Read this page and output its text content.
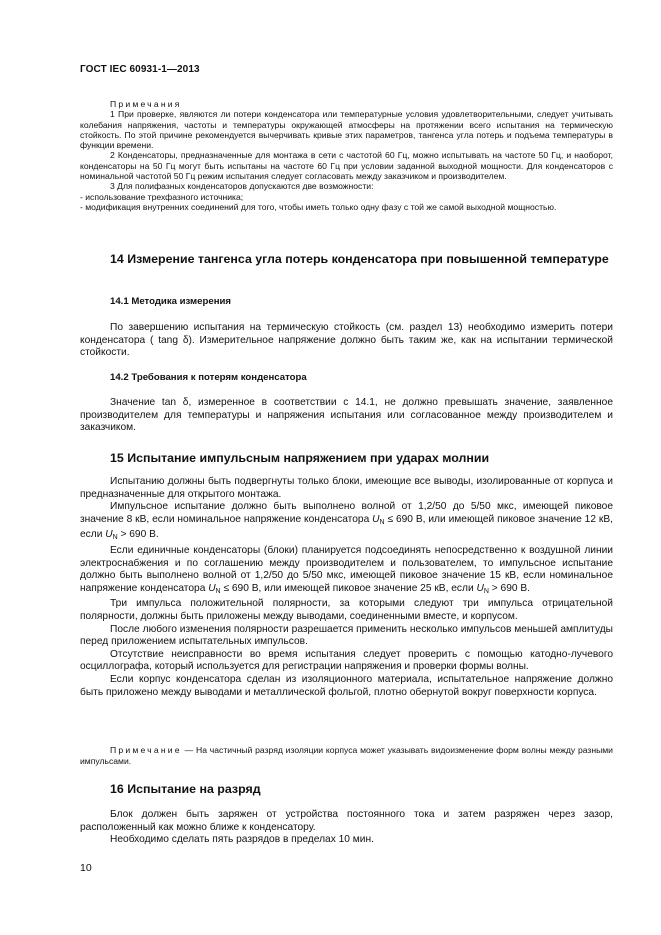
ГОСТ IEC 60931-1—2013

Примечания

1 При проверке, являются ли потери конденсатора или температурные условия удовлетворительными, следует учитывать колебания напряжения, частоты и температуры окружающей атмосферы на протяжении всего испытания на термическую стойкость. По этой причине рекомендуется вычерчивать кривые этих параметров, тангенса угла потерь и подъема температуры в функции времени.

2 Конденсаторы, предназначенные для монтажа в сети с частотой 60 Гц, можно испытывать на частоте 50 Гц, и наоборот, конденсаторы на 50 Гц могут быть испытаны на частоте 60 Гц при условии заданной выходной мощности. Для конденсаторов с номинальной частотой 50 Гц режим испытания следует согласовать между заказчиком и производителем.

3 Для полифазных конденсаторов допускаются две возможности:

- использование трехфазного источника;

- модификация внутренних соединений для того, чтобы иметь только одну фазу с той же самой выходной мощностью.

14 Измерение тангенса угла потерь конденсатора при повышенной температуре
14.1 Методика измерения

По завершению испытания на термическую стойкость (см. раздел 13) необходимо измерить потери конденсатора ( tang δ). Измерительное напряжение должно быть таким же, как на испытании термической стойкости.

14.2 Требования к потерям конденсатора

Значение tan δ, измеренное в соответствии с 14.1, не должно превышать значение, заявленное производителем для температуры и напряжения испытания или согласованное между производителем и заказчиком.

15 Испытание импульсным напряжением при ударах молнии

Испытанию должны быть подвергнуты только блоки, имеющие все выводы, изолированные от корпуса и предназначенные для открытого монтажа.

Импульсное испытание должно быть выполнено волной от 1,2/50 до 5/50 мкс, имеющей пиковое значение 8 кВ, если номинальное напряжение конденсатора $U_N \le 690$ В, или имеющей пиковое значение 12 кВ, если $U_N > 690$ В.

Если единичные конденсаторы (блоки) планируется подсоединять непосредственно к воздушной линии электроснабжения и по соглашению между производителем и пользователем, то импульсное испытание должно быть выполнено волной от 1,2/50 до 5/50 мкс, имеющей пиковое значение 15 кВ, если номинальное напряжение конденсатора $U_N \le 690$ В, или имеющей пиковое значение 25 кВ, если $U_N > 690$ В.

Три импульса положительной полярности, за которыми следуют три импульса отрицательной полярности, должны быть приложены между выводами, соединенными вместе, и корпусом.

После любого изменения полярности разрешается применить несколько импульсов меньшей амплитуды перед приложением испытательных импульсов.

Отсутствие неисправности во время испытания следует проверить с помощью катодно-лучевого осциллографа, который используется для регистрации напряжения и проверки формы волны.

Если корпус конденсатора сделан из изоляционного материала, испытательное напряжение должно быть приложено между выводами и металлической фольгой, плотно обернутой вокруг поверхности корпуса.

Примечание — На частичный разряд изоляции корпуса может указывать видоизменение форм волны между разными импульсами.

16 Испытание на разряд

Блок должен быть заряжен от устройства постоянного тока и затем разряжен через зазор, расположенный как можно ближе к конденсатору.

Необходимо сделать пять разрядов в пределах 10 мин.

10
